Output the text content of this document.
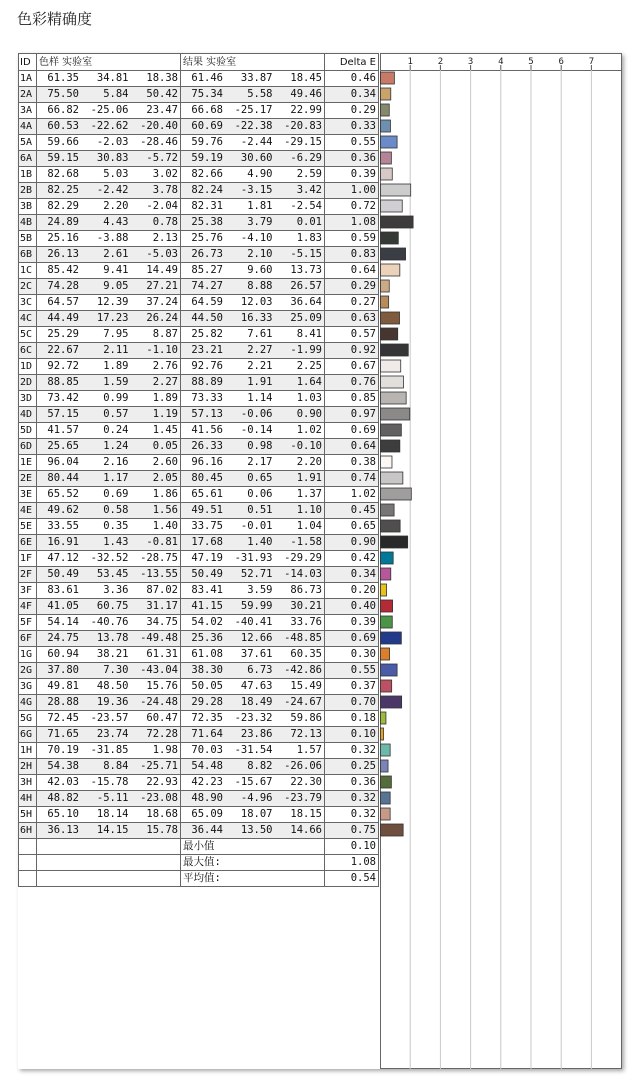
色彩精确度
ID	色样 实验室	结果 实验室	Delta E
1A	61.35 34.81 18.38	61.46 33.87 18.45	0.46
2A	75.50 5.84 50.42	75.34 5.58 49.46	0.34
3A	66.82 -25.06 23.47	66.68 -25.17 22.99	0.29
4A	60.53 -22.62 -20.40	60.69 -22.38 -20.83	0.33
5A	59.66 -2.03 -28.46	59.76 -2.44 -29.15	0.55
6A	59.15 30.83 -5.72	59.19 30.60 -6.29	0.36
1B	82.68 5.03 3.02	82.66 4.90 2.59	0.39
2B	82.25 -2.42 3.78	82.24 -3.15 3.42	1.00
3B	82.29 2.20 -2.04	82.31 1.81 -2.54	0.72
4B	24.89 4.43 0.78	25.38 3.79 0.01	1.08
5B	25.16 -3.88 2.13	25.76 -4.10 1.83	0.59
6B	26.13 2.61 -5.03	26.73 2.10 -5.15	0.83
1C	85.42 9.41 14.49	85.27 9.60 13.73	0.64
2C	74.28 9.05 27.21	74.27 8.88 26.57	0.29
3C	64.57 12.39 37.24	64.59 12.03 36.64	0.27
4C	44.49 17.23 26.24	44.50 16.33 25.09	0.63
5C	25.29 7.95 8.87	25.82 7.61 8.41	0.57
6C	22.67 2.11 -1.10	23.21 2.27 -1.99	0.92
1D	92.72 1.89 2.76	92.76 2.21 2.25	0.67
2D	88.85 1.59 2.27	88.89 1.91 1.64	0.76
3D	73.42 0.99 1.89	73.33 1.14 1.03	0.85
4D	57.15 0.57 1.19	57.13 -0.06 0.90	0.97
5D	41.57 0.24 1.45	41.56 -0.14 1.02	0.69
6D	25.65 1.24 0.05	26.33 0.98 -0.10	0.64
1E	96.04 2.16 2.60	96.16 2.17 2.20	0.38
2E	80.44 1.17 2.05	80.45 0.65 1.91	0.74
3E	65.52 0.69 1.86	65.61 0.06 1.37	1.02
4E	49.62 0.58 1.56	49.51 0.51 1.10	0.45
5E	33.55 0.35 1.40	33.75 -0.01 1.04	0.65
6E	16.91 1.43 -0.81	17.68 1.40 -1.58	0.90
1F	47.12 -32.52 -28.75	47.19 -31.93 -29.29	0.42
2F	50.49 53.45 -13.55	50.49 52.71 -14.03	0.34
3F	83.61 3.36 87.02	83.41 3.59 86.73	0.20
4F	41.05 60.75 31.17	41.15 59.99 30.21	0.40
5F	54.14 -40.76 34.75	54.02 -40.41 33.76	0.39
6F	24.75 13.78 -49.48	25.36 12.66 -48.85	0.69
1G	60.94 38.21 61.31	61.08 37.61 60.35	0.30
2G	37.80 7.30 -43.04	38.30 6.73 -42.86	0.55
3G	49.81 48.50 15.76	50.05 47.63 15.49	0.37
4G	28.88 19.36 -24.48	29.28 18.49 -24.67	0.70
5G	72.45 -23.57 60.47	72.35 -23.32 59.86	0.18
6G	71.65 23.74 72.28	71.64 23.86 72.13	0.10
1H	70.19 -31.85 1.98	70.03 -31.54 1.57	0.32
2H	54.38 8.84 -25.71	54.48 8.82 -26.06	0.25
3H	42.03 -15.78 22.93	42.23 -15.67 22.30	0.36
4H	48.82 -5.11 -23.08	48.90 -4.96 -23.79	0.32
5H	65.10 18.14 18.68	65.09 18.07 18.15	0.32
6H	36.13 14.15 15.78	36.44 13.50 14.66	0.75
		最小值	0.10
		最大值:	1.08
		平均值:	0.54
1	2	3	4	5	6	7
